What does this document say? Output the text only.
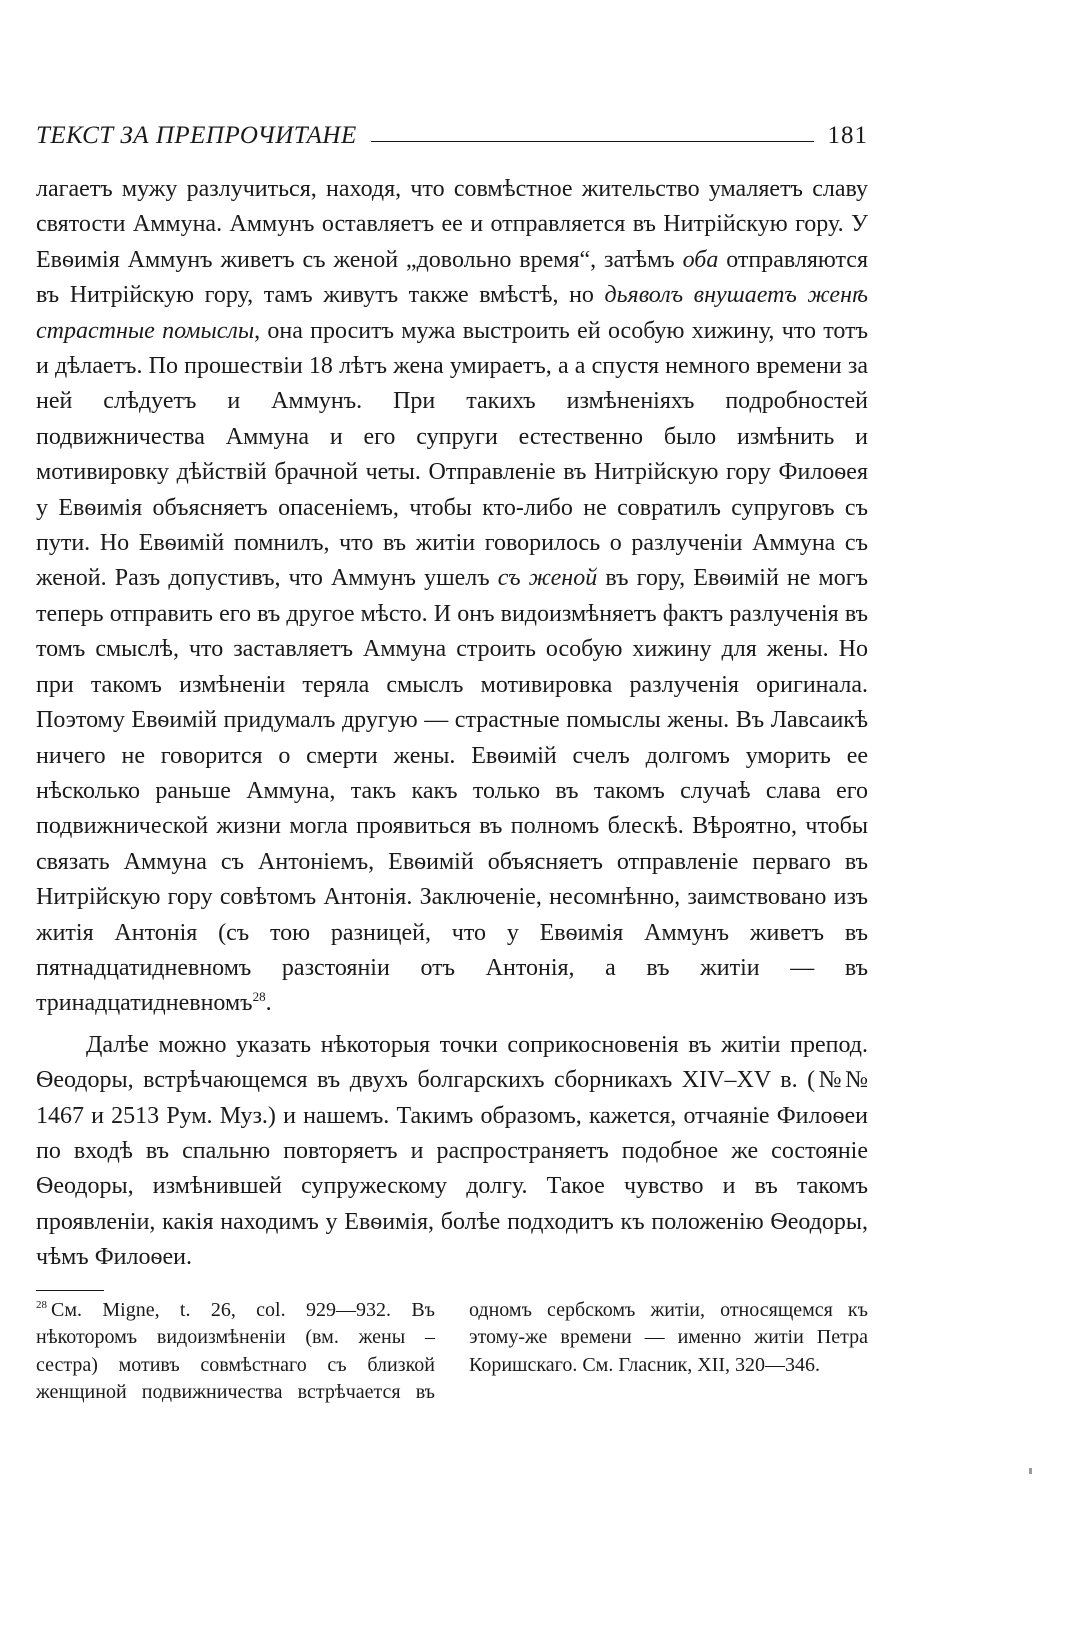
ТЕКСТ ЗА ПРЕПРОЧИТАНЕ	181

лагаетъ мужу разлучиться, находя, что совмѣстное жительство умаляетъ славу святости Аммуна. Аммунъ оставляетъ ее и отправляется въ Нитрійскую гору. У Евѳимія Аммунъ живетъ съ женой „довольно время“, затѣмъ оба отправляются въ Нитрійскую гору, тамъ живутъ также вмѣстѣ, но дьяволъ внушаетъ женѣ страстные помыслы, она проситъ мужа выстроить ей особую хижину, что тотъ и дѣлаетъ. По прошествіи 18 лѣтъ жена умираетъ, а а спустя немного времени за ней слѣдуетъ и Аммунъ. При такихъ измѣненіяхъ подробностей подвижничества Аммуна и его супруги естественно было измѣнить и мотивировку дѣйствій брачной четы. Отправленіе въ Нитрійскую гору Филоѳея у Евѳимія объясняетъ опасеніемъ, чтобы кто-либо не совратилъ супруговъ съ пути. Но Евѳимій помнилъ, что въ житіи говорилось о разлученіи Аммуна съ женой. Разъ допустивъ, что Аммунъ ушелъ съ женой въ гору, Евѳимій не могъ теперь отправить его въ другое мѣсто. И онъ видоизмѣняетъ фактъ разлученія въ томъ смыслѣ, что заставляетъ Аммуна строить особую хижину для жены. Но при такомъ измѣненіи теряла смыслъ мотивировка разлученія оригинала. Поэтому Евѳимій придумалъ другую — страстные помыслы жены. Въ Лавсаикѣ ничего не говорится о смерти жены. Евѳимій счелъ долгомъ уморить ее нѣсколько раньше Аммуна, такъ какъ только въ такомъ случаѣ слава его подвижнической жизни могла проявиться въ полномъ блескѣ. Вѣроятно, чтобы связать Аммуна съ Антоніемъ, Евѳимій объясняетъ отправленіе перваго въ Нитрійскую гору совѣтомъ Антонія. Заключеніе, несомнѣнно, заимствовано изъ житія Антонія (съ тою разницей, что у Евѳимія Аммунъ живетъ въ пятнадцатидневномъ разстояніи отъ Антонія, а въ житіи — въ тринадцатидневномъ$^{28}$.

Далѣе можно указать нѣкоторыя точки соприкосновенія въ житіи препод. Ѳеодоры, встрѣчающемся въ двухъ болгарскихъ сборникахъ XIV–XV в. (№№ 1467 и 2513 Рум. Муз.) и нашемъ. Такимъ образомъ, кажется, отчаяніе Филоѳеи по входѣ въ спальню повторяетъ и распространяетъ подобное же состояніе Ѳеодоры, измѣнившей супружескому долгу. Такое чувство и въ такомъ проявленіи, какія находимъ у Евѳимія, болѣе подходитъ къ положенію Ѳеодоры, чѣмъ Филоѳеи.

$^{28}$ См. Migne, t. 26, col. 929—932. Въ нѣкоторомъ видоизмѣненіи (вм. жены – сестра) мотивъ совмѣстнаго съ близкой женщиной подвижничества встрѣчается въ одномъ сербскомъ житіи, относящемся къ этому-же времени — именно житіи Петра Коришскаго. См. Гласник, XII, 320—346.
